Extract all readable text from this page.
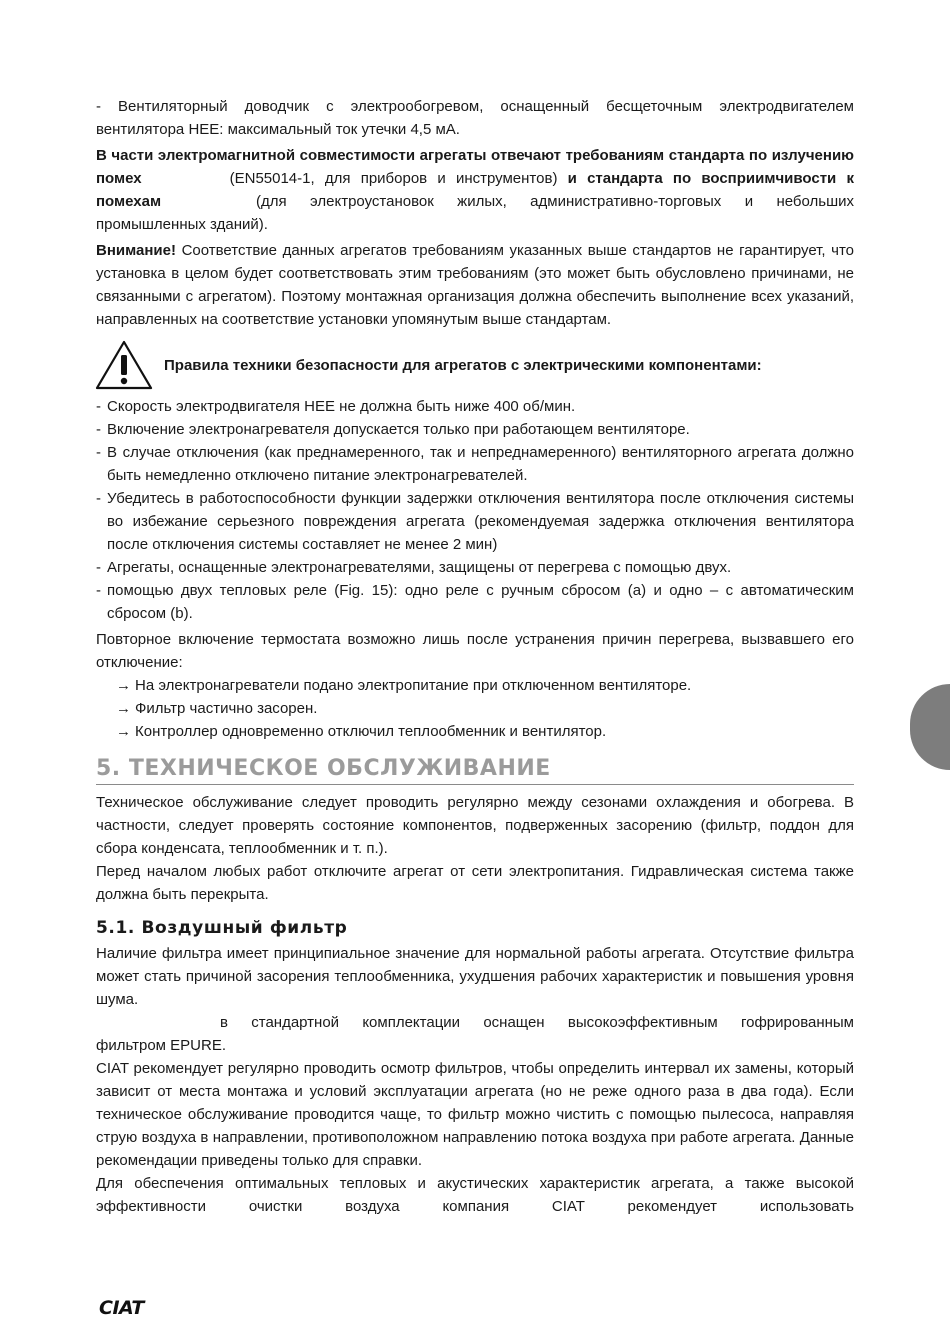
- Вентиляторный доводчик с электрообогревом, оснащенный бесщеточным электродвигателем вентилятора HEE: максимальный ток утечки 4,5 мА.

В части электромагнитной совместимости агрегаты отвечают требованиям стандарта по излучению помех	(EN55014-1, для приборов и инструментов) и стандарта по восприимчивости к помехам	(для электроустановок жилых, административно-торговых и небольших промышленных зданий).

Внимание! Соответствие данных агрегатов требованиям указанных выше стандартов не гарантирует, что установка в целом будет соответствовать этим требованиям (это может быть обусловлено причинами, не связанными с агрегатом). Поэтому монтажная организация должна обеспечить выполнение всех указаний, направленных на соответствие установки упомянутым выше стандартам.

Правила техники безопасности для агрегатов с электрическими компонентами:
- Скорость электродвигателя HEE не должна быть ниже 400 об/мин.
- Включение электронагревателя допускается только при работающем вентиляторе.
- В случае отключения (как преднамеренного, так и непреднамеренного) вентиляторного агрегата должно быть немедленно отключено питание электронагревателей.
- Убедитесь в работоспособности функции задержки отключения вентилятора после отключения системы во избежание серьезного повреждения агрегата (рекомендуемая задержка отключения вентилятора после отключения системы составляет не менее 2 мин)
- Агрегаты, оснащенные электронагревателями, защищены от перегрева с помощью двух.
- помощью двух тепловых реле (Fig. 15): одно реле с ручным сбросом (а) и одно – с автоматическим сбросом (b).

Повторное включение термостата возможно лишь после устранения причин перегрева, вызвавшего его отключение:

→ На электронагреватели подано электропитание при отключенном вентиляторе.
→ Фильтр частично засорен.
→ Контроллер одновременно отключил теплообменник и вентилятор.
5. ТЕХНИЧЕСКОЕ ОБСЛУЖИВАНИЕ

Техническое обслуживание следует проводить регулярно между сезонами охлаждения и обогрева. В частности, следует проверять состояние компонентов, подверженных засорению (фильтр, поддон для сбора конденсата, теплообменник и т. п.).

Перед началом любых работ отключите агрегат от сети электропитания. Гидравлическая система также должна быть перекрыта.

5.1. Воздушный фильтр

Наличие фильтра имеет принципиальное значение для нормальной работы агрегата. Отсутствие фильтра может стать причиной засорения теплообменника, ухудшения рабочих характеристик и повышения уровня шума.

в стандартной комплектации оснащен высокоэффективным гофрированным

фильтром EPURE.

CIAT рекомендует регулярно проводить осмотр фильтров, чтобы определить интервал их замены, который зависит от места монтажа и условий эксплуатации агрегата (но не реже одного раза в два года). Если техническое обслуживание проводится чаще, то фильтр можно чистить с помощью пылесоса, направляя струю воздуха в направлении, противоположном направлению потока воздуха при работе агрегата. Данные рекомендации приведены только для справки.

Для обеспечения оптимальных тепловых и акустических характеристик агрегата, а также высокой эффективности очистки воздуха компания CIAT рекомендует использовать

CIAT
